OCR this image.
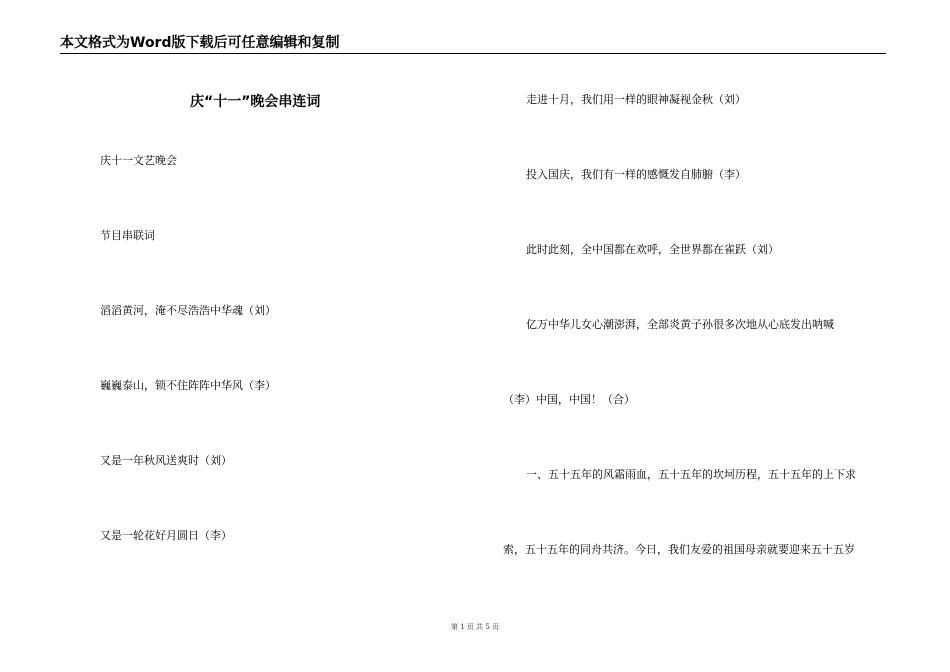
本文格式为Word版下载后可任意编辑和复制
庆“十一”晚会串连词
庆十一文艺晚会
节目串联词
滔滔黄河，淹不尽浩浩中华魂（刘）
巍巍泰山，锁不住阵阵中华风（李）
又是一年秋风送爽时（刘）
又是一轮花好月圆日（李）
走进十月，我们用一样的眼神凝视金秋（刘）
投入国庆，我们有一样的感慨发自肺腑（李）
此时此刻，全中国都在欢呼，全世界都在雀跃（刘）
亿万中华儿女心潮澎湃，全部炎黄子孙很多次地从心底发出呐喊
（李）中国，中国！（合）
一、五十五年的风霜雨血，五十五年的坎坷历程，五十五年的上下求
索，五十五年的同舟共济。今日，我们友爱的祖国母亲就要迎来五十五岁
第 1 页 共 5 页
